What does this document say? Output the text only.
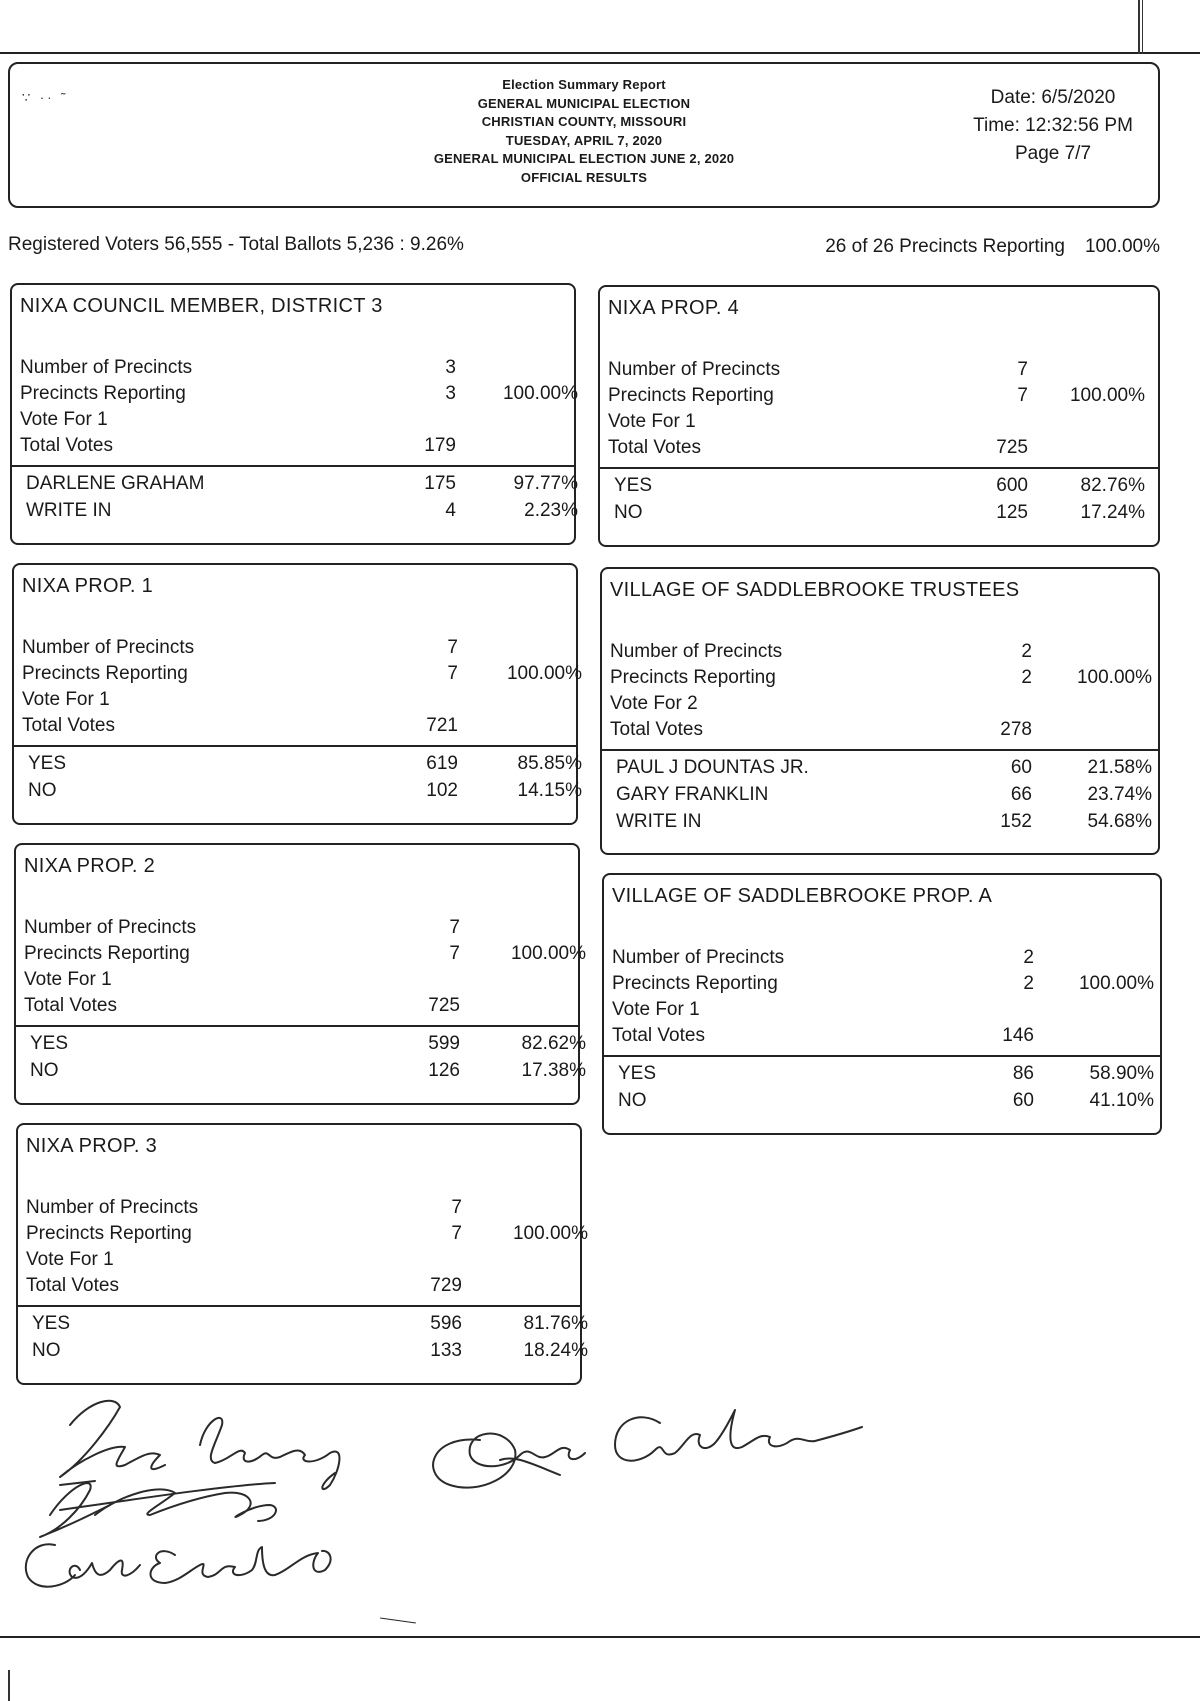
∵ ·· ˜
Election Summary Report
GENERAL MUNICIPAL ELECTION
CHRISTIAN COUNTY, MISSOURI
TUESDAY, APRIL 7, 2020
GENERAL MUNICIPAL ELECTION JUNE 2, 2020
OFFICIAL RESULTS
Date: 6/5/2020
Time: 12:32:56 PM
Page 7/7
Registered Voters 56,555 - Total Ballots 5,236 : 9.26%	26 of 26 Precincts Reporting 100.00%
NIXA COUNCIL MEMBER, DISTRICT 3
Number of Precincts	3
Precincts Reporting	3	100.00%
Vote For 1
Total Votes	179
DARLENE GRAHAM	175	97.77%
WRITE IN	4	2.23%
NIXA PROP. 1
Number of Precincts	7
Precincts Reporting	7	100.00%
Vote For 1
Total Votes	721
YES	619	85.85%
NO	102	14.15%
NIXA PROP. 2
Number of Precincts	7
Precincts Reporting	7	100.00%
Vote For 1
Total Votes	725
YES	599	82.62%
NO	126	17.38%
NIXA PROP. 3
Number of Precincts	7
Precincts Reporting	7	100.00%
Vote For 1
Total Votes	729
YES	596	81.76%
NO	133	18.24%
NIXA PROP. 4
Number of Precincts	7
Precincts Reporting	7	100.00%
Vote For 1
Total Votes	725
YES	600	82.76%
NO	125	17.24%
VILLAGE OF SADDLEBROOKE TRUSTEES
Number of Precincts	2
Precincts Reporting	2	100.00%
Vote For 2
Total Votes	278
PAUL J DOUNTAS JR.	60	21.58%
GARY FRANKLIN	66	23.74%
WRITE IN	152	54.68%
VILLAGE OF SADDLEBROOKE PROP. A
Number of Precincts	2
Precincts Reporting	2	100.00%
Vote For 1
Total Votes	146
YES	86	58.90%
NO	60	41.10%
